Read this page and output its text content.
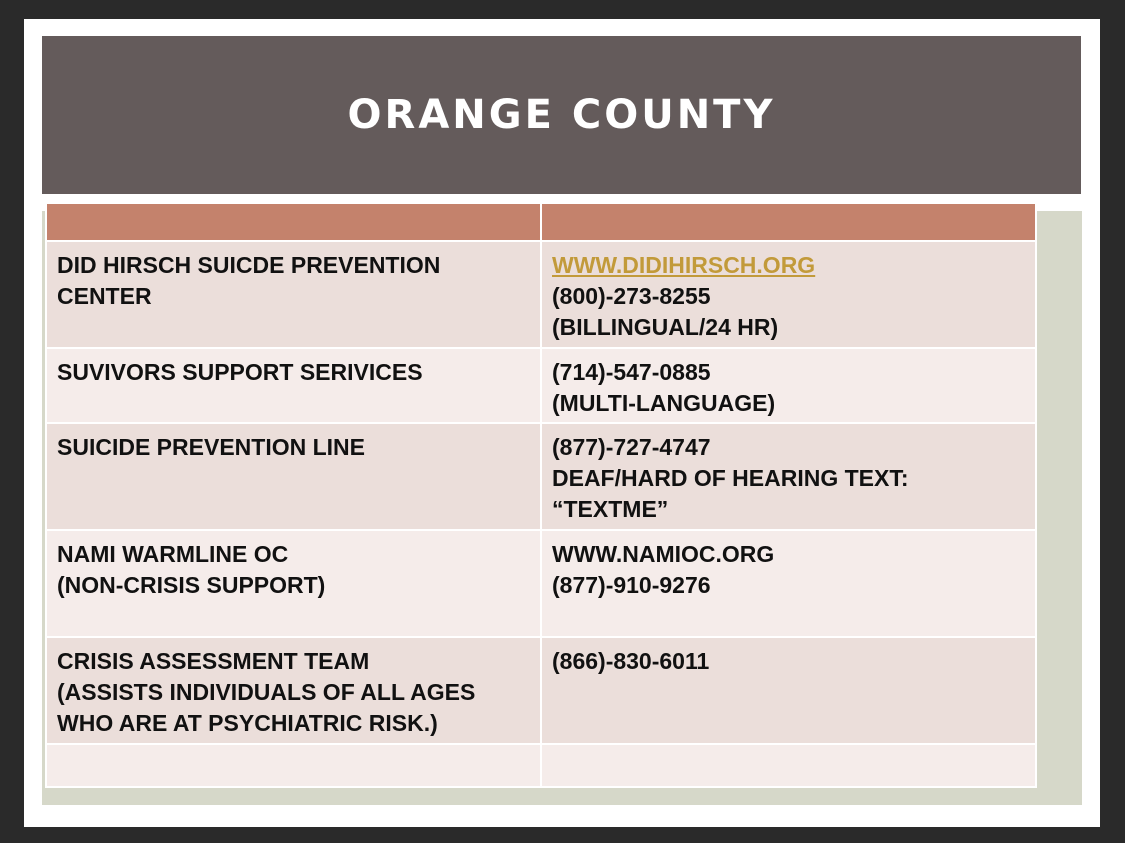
ORANGE COUNTY

DID HIRSCH SUICDE PREVENTION
CENTER	WWW.DIDIHIRSCH.ORG
(800)-273-8255
(BILLINGUAL/24 HR)

SUVIVORS SUPPORT SERIVICES	(714)-547-0885
(MULTI-LANGUAGE)

SUICIDE PREVENTION LINE	(877)-727-4747
DEAF/HARD OF HEARING TEXT:
“TEXTME”

NAMI WARMLINE OC
(NON-CRISIS SUPPORT)	WWW.NAMIOC.ORG
(877)-910-9276

CRISIS ASSESSMENT TEAM
(ASSISTS INDIVIDUALS OF ALL AGES
WHO ARE AT PSYCHIATRIC RISK.)	(866)-830-6011
